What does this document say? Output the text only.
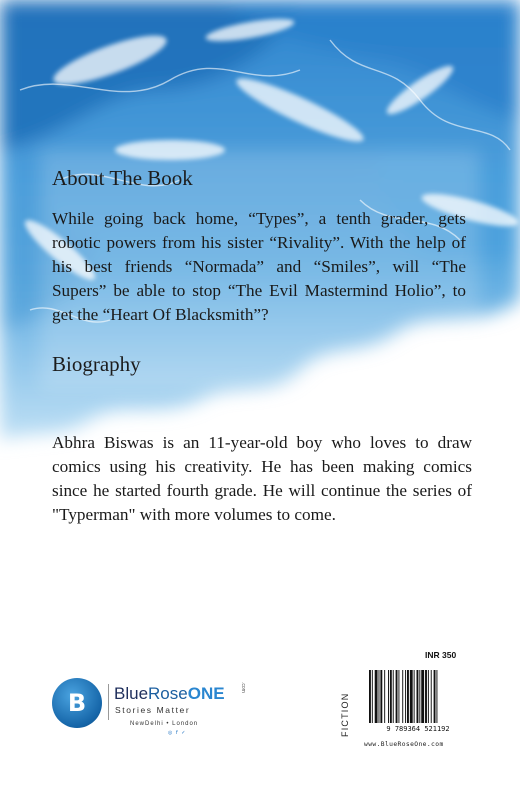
About The Book

While going back home, “Types”, a tenth grader, gets robotic powers from his sister “Rivality”. With the help of his best friends “Normada” and “Smiles”, will “The Supers” be able to stop “The Evil Mastermind Holio”, to get the “Heart Of Blacksmith”?

Biography

Abhra Biswas is an 11-year-old boy who loves to draw comics using his creativity. He has been making comics since he started fourth grade. He will continue the series of "Typerman" with more volumes to come.

B	BlueRoseONE	.com
Stories Matter
NewDelhi • London
◎ f ✓	FICTION
INR 350
9 789364 521192
www.BlueRoseOne.com
